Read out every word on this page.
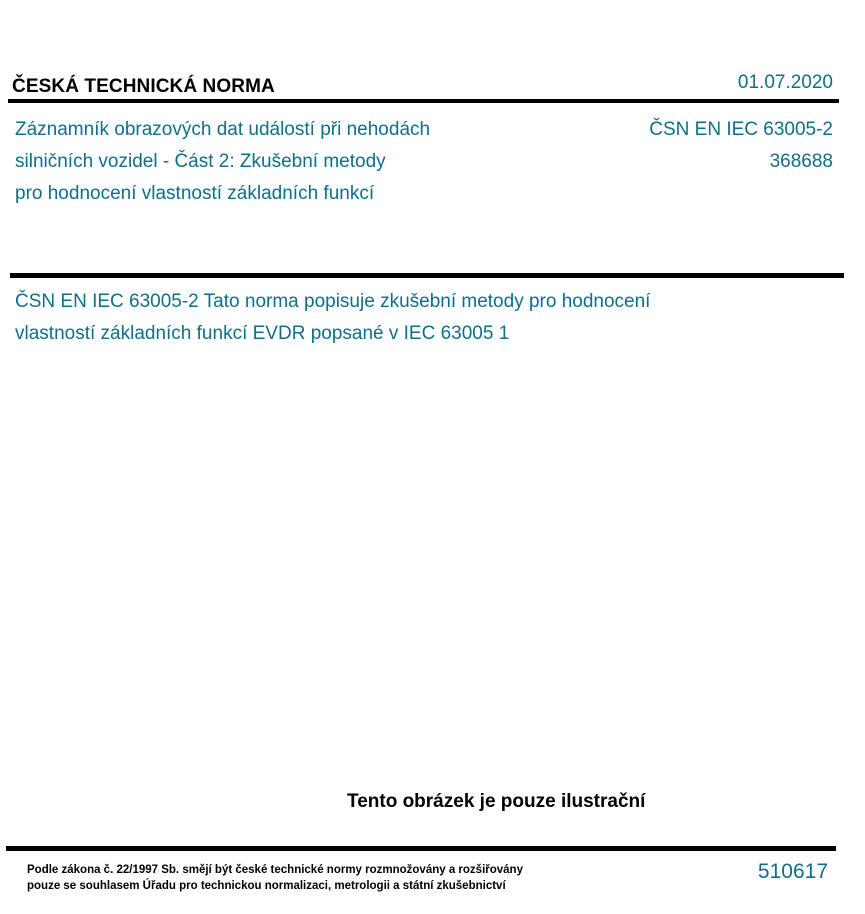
ČESKÁ TECHNICKÁ NORMA	01.07.2020
Záznamník obrazových dat událostí při nehodách
silničních vozidel - Část 2: Zkušební metody
pro hodnocení vlastností základních funkcí
ČSN EN IEC 63005-2
368688
ČSN EN IEC 63005-2 Tato norma popisuje zkušební metody pro hodnocení
vlastností základních funkcí EVDR popsané v IEC 63005 1
Tento obrázek je pouze ilustrační
Podle zákona č. 22/1997 Sb. smějí být české technické normy rozmnožovány a rozšiřovány
pouze se souhlasem Úřadu pro technickou normalizaci, metrologii a státní zkušebnictví
510617
